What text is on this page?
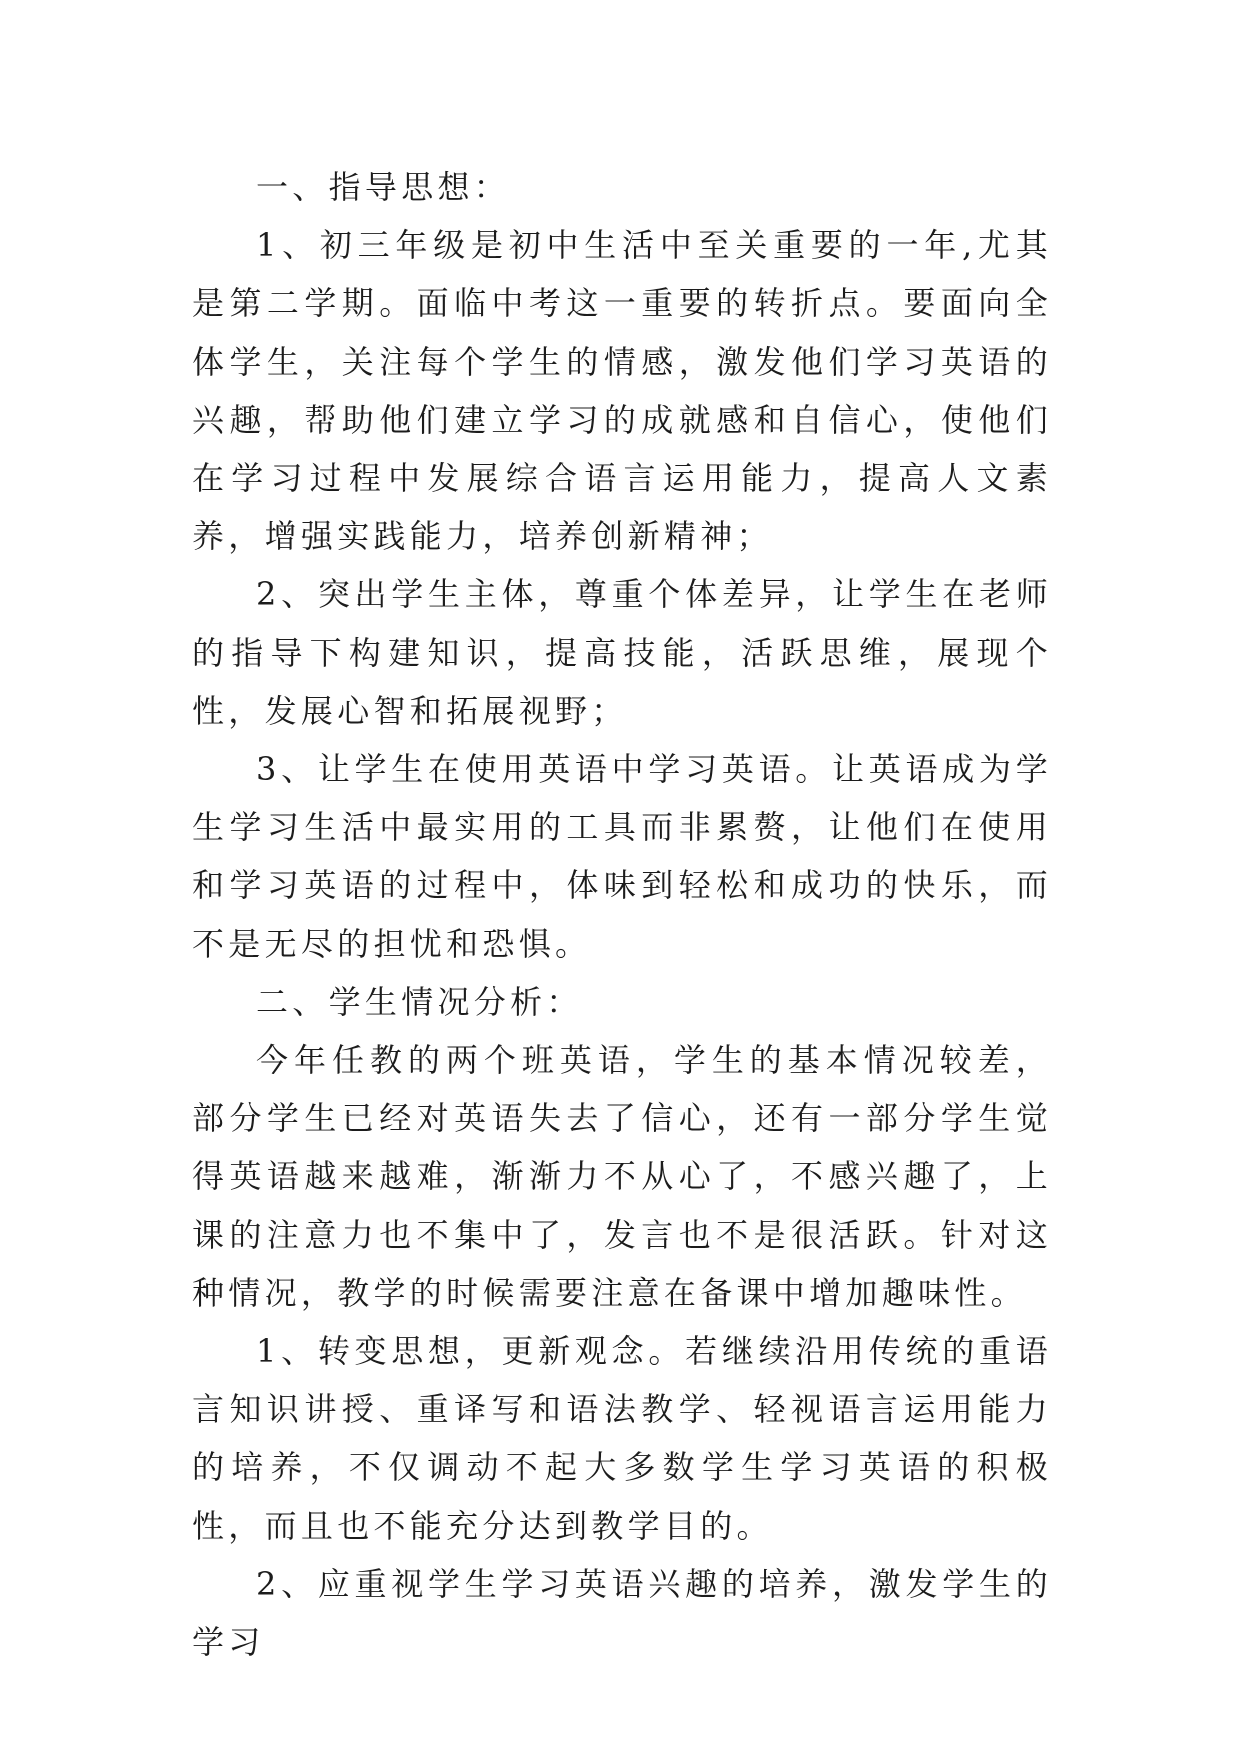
一、指导思想：

1、初三年级是初中生活中至关重要的一年,尤其是第二学期。面临中考这一重要的转折点。要面向全体学生，关注每个学生的情感，激发他们学习英语的兴趣，帮助他们建立学习的成就感和自信心，使他们在学习过程中发展综合语言运用能力，提高人文素养，增强实践能力，培养创新精神；

2、突出学生主体，尊重个体差异，让学生在老师的指导下构建知识，提高技能，活跃思维，展现个性，发展心智和拓展视野；

3、让学生在使用英语中学习英语。让英语成为学生学习生活中最实用的工具而非累赘，让他们在使用和学习英语的过程中，体味到轻松和成功的快乐，而不是无尽的担忧和恐惧。

二、学生情况分析：

今年任教的两个班英语，学生的基本情况较差，部分学生已经对英语失去了信心，还有一部分学生觉得英语越来越难，渐渐力不从心了，不感兴趣了，上课的注意力也不集中了，发言也不是很活跃。针对这种情况，教学的时候需要注意在备课中增加趣味性。

1、转变思想，更新观念。若继续沿用传统的重语言知识讲授、重译写和语法教学、轻视语言运用能力的培养，不仅调动不起大多数学生学习英语的积极性，而且也不能充分达到教学目的。

2、应重视学生学习英语兴趣的培养，激发学生的学习
